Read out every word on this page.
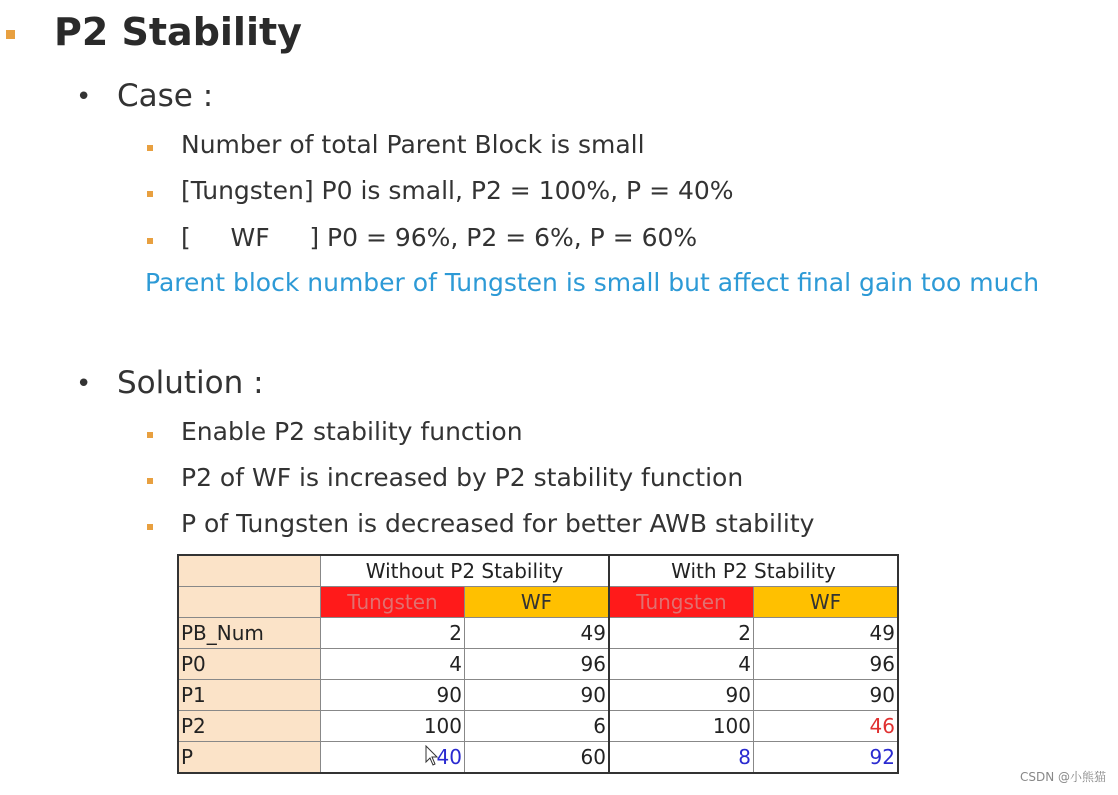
P2 Stability
• Case :
Number of total Parent Block is small
[Tungsten] P0 is small, P2 = 100%, P = 40%
[     WF     ] P0 = 96%, P2 = 6%, P = 60%
Parent block number of Tungsten is small but affect final gain too much
• Solution :
Enable P2 stability function
P2 of WF is increased by P2 stability function
P of Tungsten is decreased for better AWB stability
	Without P2 Stability		With P2 Stability	
	Tungsten	WF	Tungsten	WF
PB_Num	2	49	2	49
P0	4	96	4	96
P1	90	90	90	90
P2	100	6	100	46
P	40	60	8	92
CSDN @小熊猫
